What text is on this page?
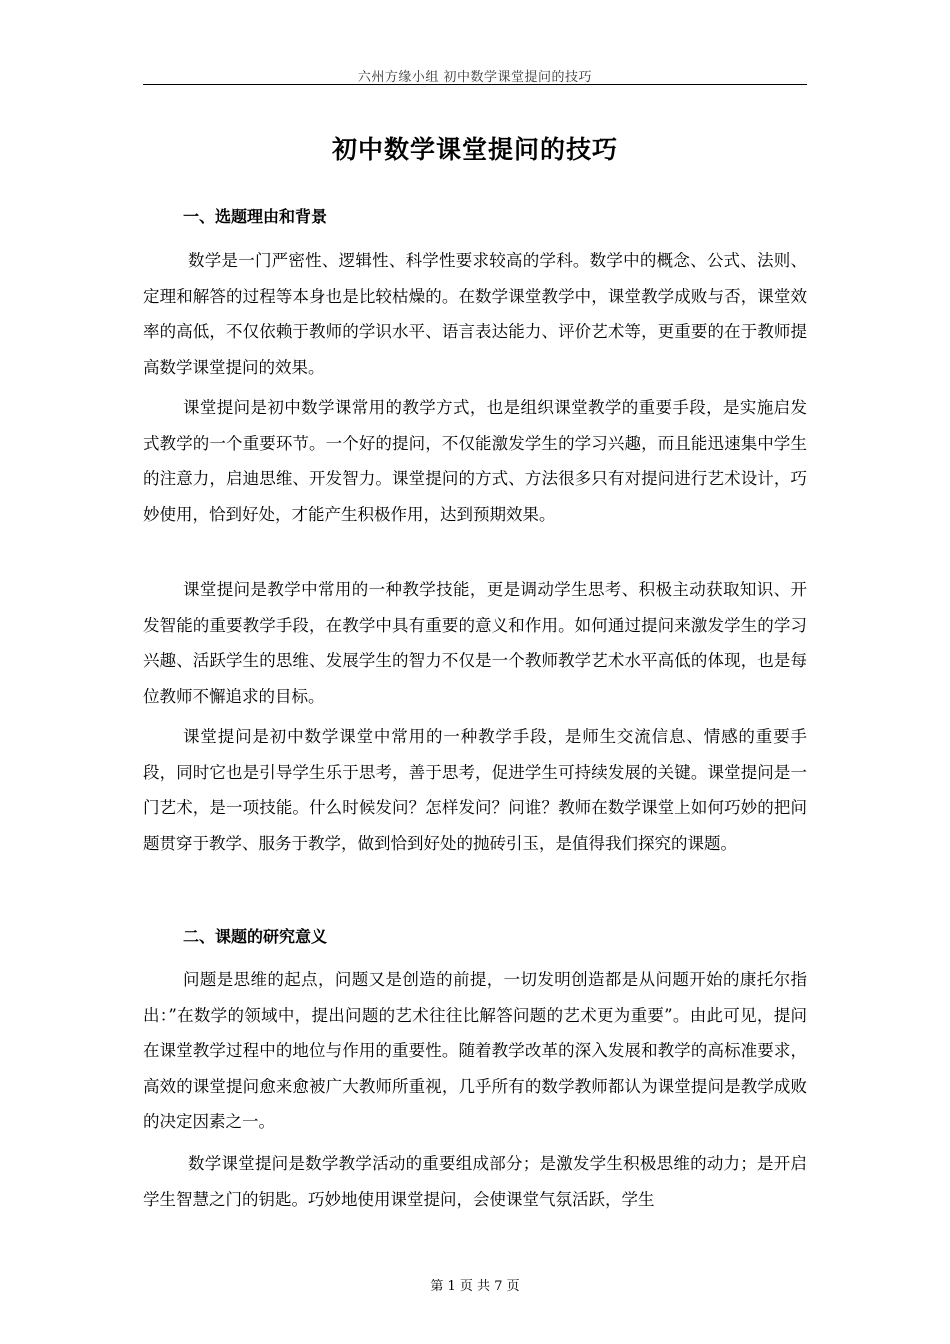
六州方缘小组 初中数学课堂提问的技巧
初中数学课堂提问的技巧
一、选题理由和背景
数学是一门严密性、逻辑性、科学性要求较高的学科。数学中的概念、公式、法则、定理和解答的过程等本身也是比较枯燥的。在数学课堂教学中，课堂教学成败与否，课堂效率的高低，不仅依赖于教师的学识水平、语言表达能力、评价艺术等，更重要的在于教师提高数学课堂提问的效果。
课堂提问是初中数学课常用的教学方式，也是组织课堂教学的重要手段，是实施启发式教学的一个重要环节。一个好的提问，不仅能激发学生的学习兴趣，而且能迅速集中学生的注意力，启迪思维、开发智力。课堂提问的方式、方法很多只有对提问进行艺术设计，巧妙使用，恰到好处，才能产生积极作用，达到预期效果。
课堂提问是教学中常用的一种教学技能，更是调动学生思考、积极主动获取知识、开发智能的重要教学手段，在教学中具有重要的意义和作用。如何通过提问来激发学生的学习兴趣、活跃学生的思维、发展学生的智力不仅是一个教师教学艺术水平高低的体现，也是每位教师不懈追求的目标。
课堂提问是初中数学课堂中常用的一种教学手段，是师生交流信息、情感的重要手段，同时它也是引导学生乐于思考，善于思考，促进学生可持续发展的关键。课堂提问是一门艺术，是一项技能。什么时候发问？怎样发问？问谁？教师在数学课堂上如何巧妙的把问题贯穿于教学、服务于教学，做到恰到好处的抛砖引玉，是值得我们探究的课题。
二、课题的研究意义
问题是思维的起点，问题又是创造的前提，一切发明创造都是从问题开始的康托尔指出：”在数学的领域中，提出问题的艺术往往比解答问题的艺术更为重要”。由此可见，提问在课堂教学过程中的地位与作用的重要性。随着教学改革的深入发展和教学的高标准要求，高效的课堂提问愈来愈被广大教师所重视，几乎所有的数学教师都认为课堂提问是教学成败的决定因素之一。
数学课堂提问是数学教学活动的重要组成部分；是激发学生积极思维的动力；是开启学生智慧之门的钥匙。巧妙地使用课堂提问，会使课堂气氛活跃，学生
第 1 页 共 7 页
